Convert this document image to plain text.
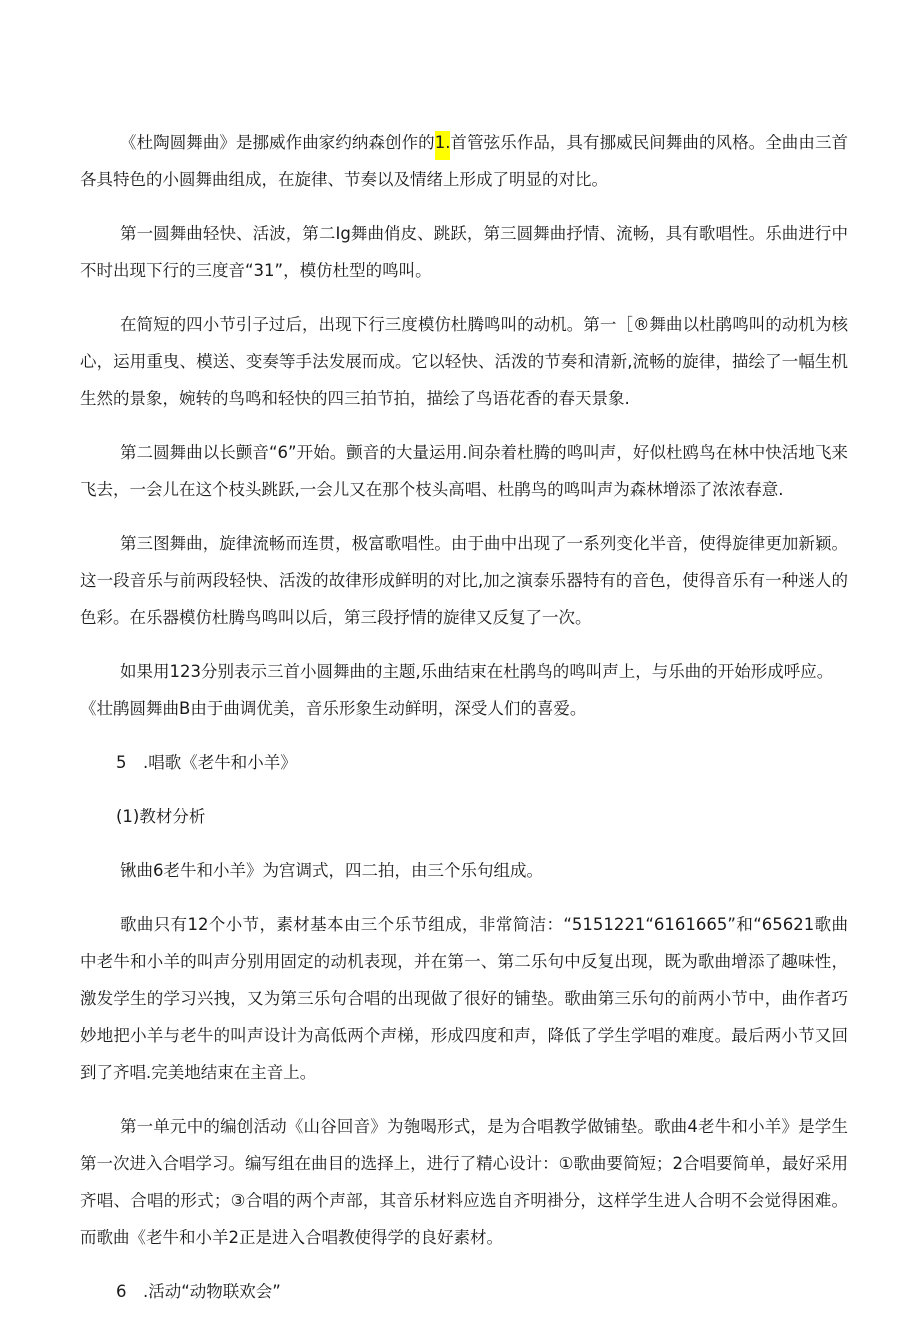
《杜陶圆舞曲》是挪威作曲家约纳森创作的1.首管弦乐作品，具有挪威民间舞曲的风格。全曲由三首各具特色的小圆舞曲组成，在旋律、节奏以及情绪上形成了明显的对比。

第一圆舞曲轻快、活波，第二Ig舞曲俏皮、跳跃，第三圆舞曲抒情、流畅，具有歌唱性。乐曲进行中不时出现下行的三度音“31”，模仿杜型的鸣叫。

在简短的四小节引子过后，出现下行三度模仿杜腾鸣叫的动机。第一［®舞曲以杜鹃鸣叫的动机为核心，运用重曳、模送、变奏等手法发展而成。它以轻快、活泼的节奏和清新,流畅的旋律，描绘了一幅生机生然的景象，婉转的鸟鸣和轻快的四三拍节拍，描绘了鸟语花香的春天景象.

第二圆舞曲以长颤音“6”开始。颤音的大量运用.间杂着杜腾的鸣叫声，好似杜鸥鸟在林中快活地飞来飞去，一会儿在这个枝头跳跃,一会儿又在那个枝头高唱、杜鹃鸟的鸣叫声为森林增添了浓浓春意.

第三图舞曲，旋律流畅而连贯，极富歌唱性。由于曲中出现了一系列变化半音，使得旋律更加新颖。这一段音乐与前两段轻快、活泼的故律形成鲜明的对比,加之演泰乐器特有的音色，使得音乐有一种迷人的色彩。在乐器模仿杜腾鸟鸣叫以后，第三段抒情的旋律又反复了一次。

如果用123分别表示三首小圆舞曲的主题,乐曲结束在杜鹃鸟的鸣叫声上，与乐曲的开始形成呼应。

《壮鹃圆舞曲B由于曲调优美，音乐形象生动鲜明，深受人们的喜爱。

5　.唱歌《老牛和小羊》
(1)教材分析

锹曲6老牛和小羊》为宫调式，四二拍，由三个乐句组成。

歌曲只有12个小节，素材基本由三个乐节组成，非常简洁：“5151221“6161665”和“65621歌曲中老牛和小羊的叫声分别用固定的动机表现，并在第一、第二乐句中反复出现，既为歌曲增添了趣味性，激发学生的学习兴拽，又为第三乐句合唱的出现做了很好的铺垫。歌曲第三乐句的前两小节中，曲作者巧妙地把小羊与老牛的叫声设计为高低两个声梯，形成四度和声，降低了学生学唱的难度。最后两小节又回到了齐唱.完美地结束在主音上。

第一单元中的编创活动《山谷回音》为匏喝形式，是为合唱教学做铺垫。歌曲4老牛和小羊》是学生第一次进入合唱学习。编写组在曲目的选择上，进行了精心设计：①歌曲要简短；2合唱要简单，最好采用齐唱、合唱的形式；③合唱的两个声部，其音乐材料应选自齐明褂分，这样学生进人合明不会觉得困难。而歌曲《老牛和小羊2正是进入合唱教使得学的良好素材。

6　.活动“动物联欢会”
